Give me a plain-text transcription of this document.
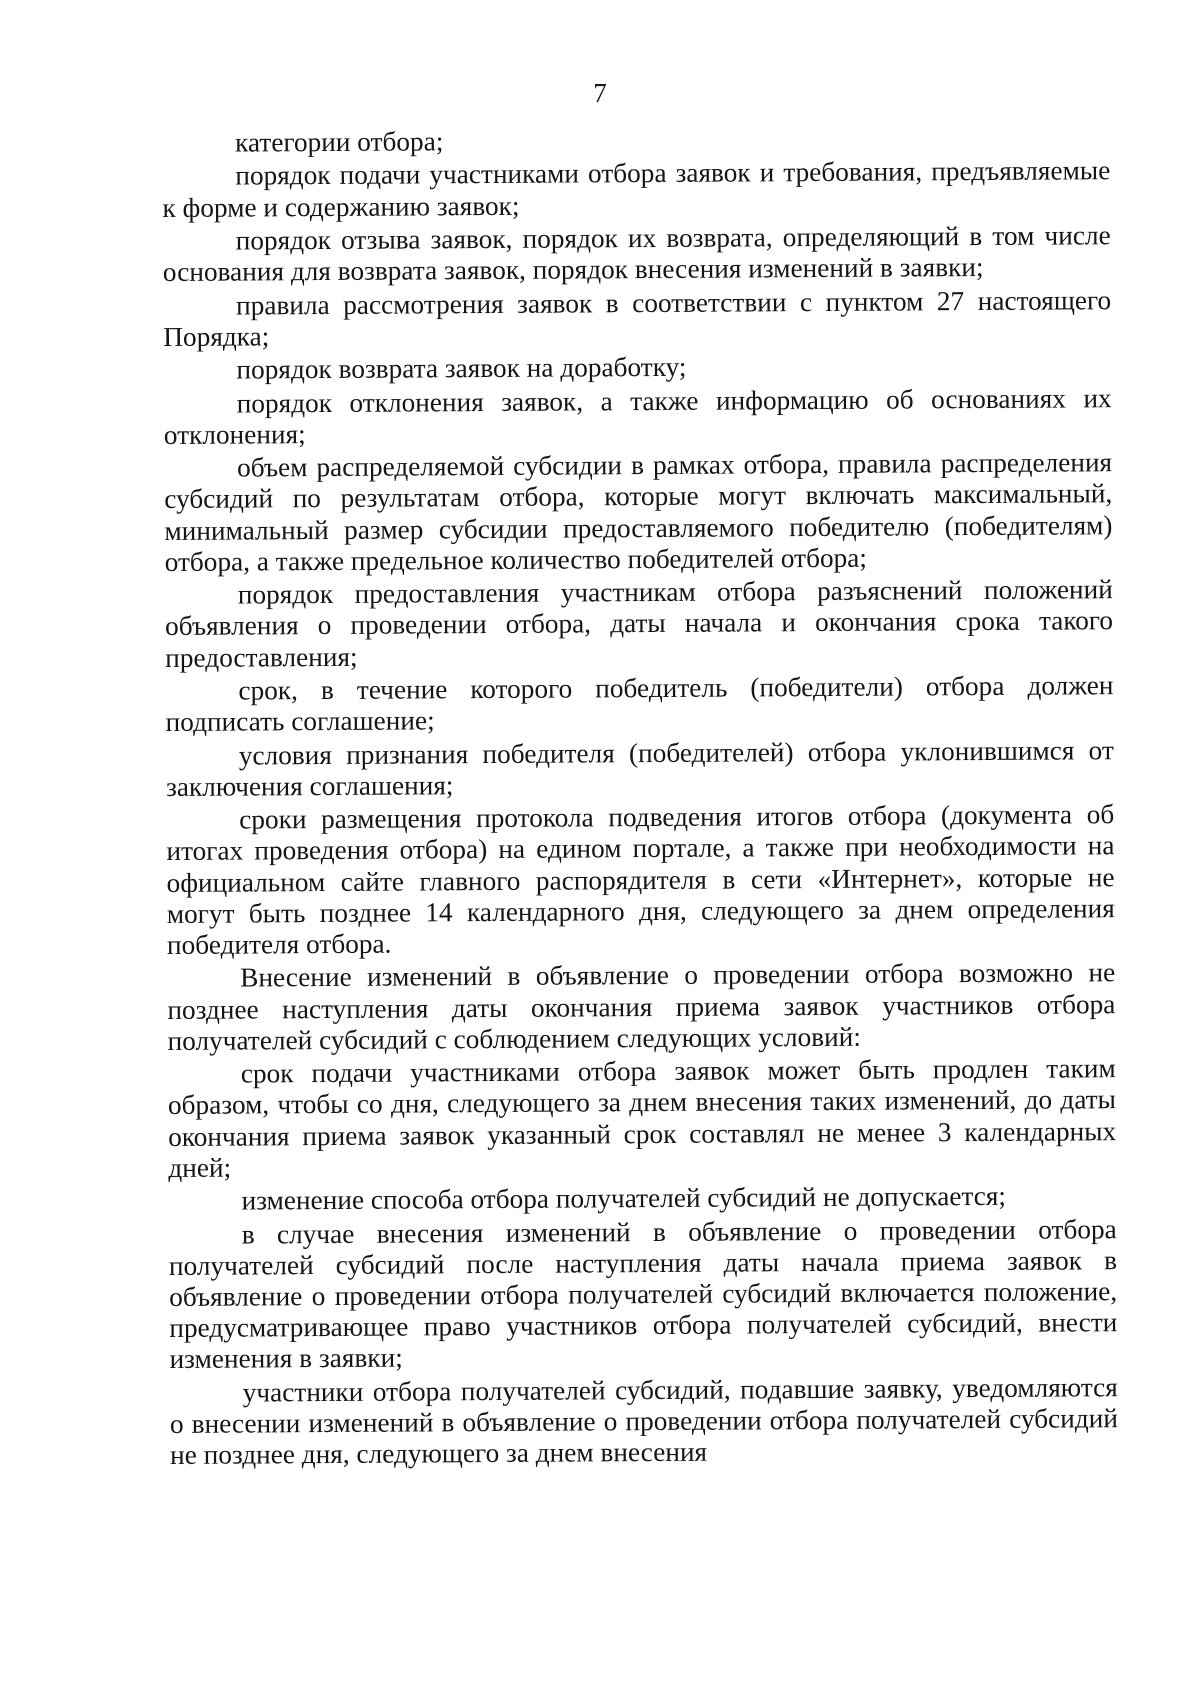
7

категории отбора;

порядок подачи участниками отбора заявок и требования, предъявляемые к форме и содержанию заявок;

порядок отзыва заявок, порядок их возврата, определяющий в том числе основания для возврата заявок, порядок внесения изменений в заявки;

правила рассмотрения заявок в соответствии с пунктом 27 настоящего Порядка;

порядок возврата заявок на доработку;

порядок отклонения заявок, а также информацию об основаниях их отклонения;

объем распределяемой субсидии в рамках отбора, правила распределения субсидий по результатам отбора, которые могут включать максимальный, минимальный размер субсидии предоставляемого победителю (победителям) отбора, а также предельное количество победителей отбора;

порядок предоставления участникам отбора разъяснений положений объявления о проведении отбора, даты начала и окончания срока такого предоставления;

срок, в течение которого победитель (победители) отбора должен подписать соглашение;

условия признания победителя (победителей) отбора уклонившимся от заключения соглашения;

сроки размещения протокола подведения итогов отбора (документа об итогах проведения отбора) на едином портале, а также при необходимости на официальном сайте главного распорядителя в сети «Интернет», которые не могут быть позднее 14 календарного дня, следующего за днем определения победителя отбора.

Внесение изменений в объявление о проведении отбора возможно не позднее наступления даты окончания приема заявок участников отбора получателей субсидий с соблюдением следующих условий:

срок подачи участниками отбора заявок может быть продлен таким образом, чтобы со дня, следующего за днем внесения таких изменений, до даты окончания приема заявок указанный срок составлял не менее 3 календарных дней;

изменение способа отбора получателей субсидий не допускается;

в случае внесения изменений в объявление о проведении отбора получателей субсидий после наступления даты начала приема заявок в объявление о проведении отбора получателей субсидий включается положение, предусматривающее право участников отбора получателей субсидий, внести изменения в заявки;

участники отбора получателей субсидий, подавшие заявку, уведомляются о внесении изменений в объявление о проведении отбора получателей субсидий не позднее дня, следующего за днем внесения
